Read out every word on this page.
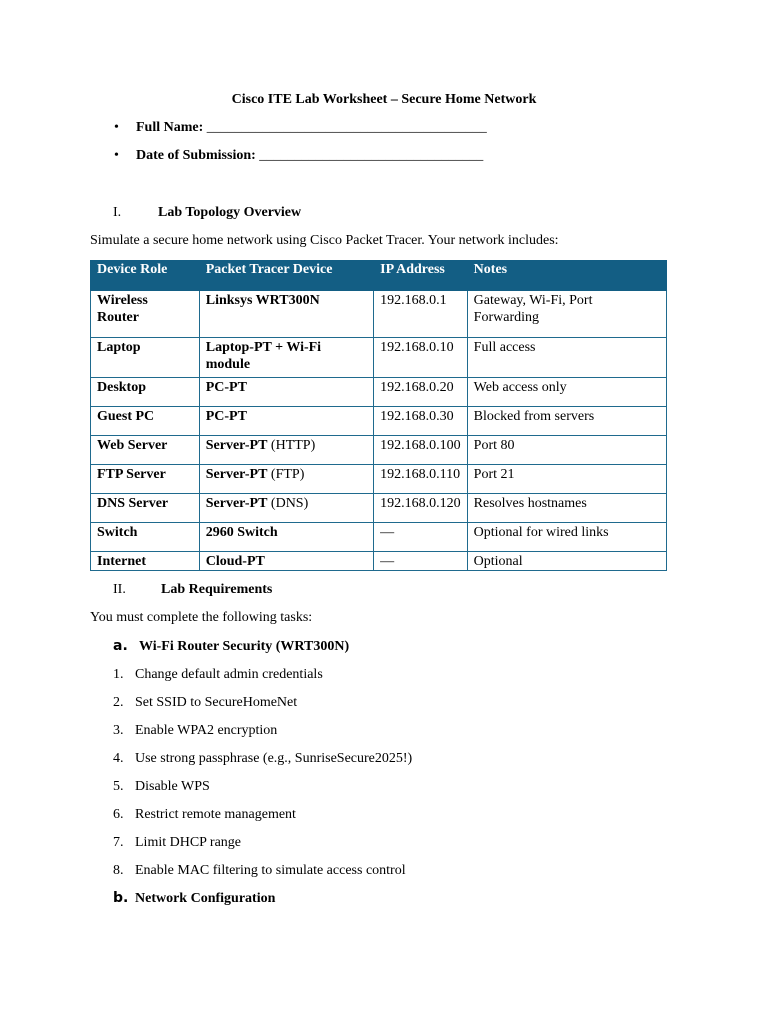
Cisco ITE Lab Worksheet – Secure Home Network
• Full Name: ________________________________________
• Date of Submission: ________________________________
I.	Lab Topology Overview
Simulate a secure home network using Cisco Packet Tracer. Your network includes:
Device Role	Packet Tracer Device	IP Address	Notes
Wireless Router	Linksys WRT300N	192.168.0.1	Gateway, Wi-Fi, Port Forwarding
Laptop	Laptop-PT + Wi-Fi module	192.168.0.10	Full access
Desktop	PC-PT	192.168.0.20	Web access only
Guest PC	PC-PT	192.168.0.30	Blocked from servers
Web Server	Server-PT (HTTP)	192.168.0.100	Port 80
FTP Server	Server-PT (FTP)	192.168.0.110	Port 21
DNS Server	Server-PT (DNS)	192.168.0.120	Resolves hostnames
Switch	2960 Switch	—	Optional for wired links
Internet	Cloud-PT	—	Optional
II.	Lab Requirements
You must complete the following tasks:
a. Wi-Fi Router Security (WRT300N)
1. Change default admin credentials
2. Set SSID to SecureHomeNet
3. Enable WPA2 encryption
4. Use strong passphrase (e.g., SunriseSecure2025!)
5. Disable WPS
6. Restrict remote management
7. Limit DHCP range
8. Enable MAC filtering to simulate access control
b. Network Configuration
